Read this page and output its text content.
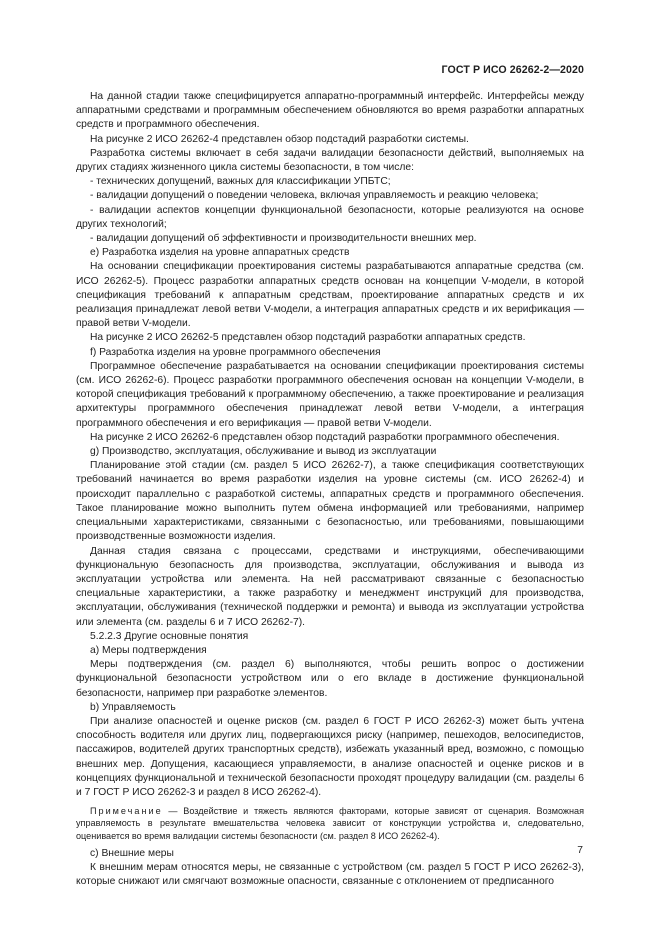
ГОСТ Р ИСО 26262-2—2020

На данной стадии также специфицируется аппаратно-программный интерфейс. Интерфейсы между аппаратными средствами и программным обеспечением обновляются во время разработки аппаратных средств и программного обеспечения.

На рисунке 2 ИСО 26262-4 представлен обзор подстадий разработки системы.

Разработка системы включает в себя задачи валидации безопасности действий, выполняемых на других стадиях жизненного цикла системы безопасности, в том числе:

- технических допущений, важных для классификации УПБТС;

- валидации допущений о поведении человека, включая управляемость и реакцию человека;

- валидации аспектов концепции функциональной безопасности, которые реализуются на основе других технологий;

- валидации допущений об эффективности и производительности внешних мер.

e) Разработка изделия на уровне аппаратных средств

На основании спецификации проектирования системы разрабатываются аппаратные средства (см. ИСО 26262-5). Процесс разработки аппаратных средств основан на концепции V-модели, в которой спецификация требований к аппаратным средствам, проектирование аппаратных средств и их реализация принадлежат левой ветви V-модели, а интеграция аппаратных средств и их верификация — правой ветви V-модели.

На рисунке 2 ИСО 26262-5 представлен обзор подстадий разработки аппаратных средств.

f) Разработка изделия на уровне программного обеспечения

Программное обеспечение разрабатывается на основании спецификации проектирования системы (см. ИСО 26262-6). Процесс разработки программного обеспечения основан на концепции V-модели, в которой спецификация требований к программному обеспечению, а также проектирование и реализация архитектуры программного обеспечения принадлежат левой ветви V-модели, а интеграция программного обеспечения и его верификация — правой ветви V-модели.

На рисунке 2 ИСО 26262-6 представлен обзор подстадий разработки программного обеспечения.

g) Производство, эксплуатация, обслуживание и вывод из эксплуатации

Планирование этой стадии (см. раздел 5 ИСО 26262-7), а также спецификация соответствующих требований начинается во время разработки изделия на уровне системы (см. ИСО 26262-4) и происходит параллельно с разработкой системы, аппаратных средств и программного обеспечения. Такое планирование можно выполнить путем обмена информацией или требованиями, например специальными характеристиками, связанными с безопасностью, или требованиями, повышающими производственные возможности изделия.

Данная стадия связана с процессами, средствами и инструкциями, обеспечивающими функциональную безопасность для производства, эксплуатации, обслуживания и вывода из эксплуатации устройства или элемента. На ней рассматривают связанные с безопасностью специальные характеристики, а также разработку и менеджмент инструкций для производства, эксплуатации, обслуживания (технической поддержки и ремонта) и вывода из эксплуатации устройства или элемента (см. разделы 6 и 7 ИСО 26262-7).

5.2.2.3 Другие основные понятия

a) Меры подтверждения

Меры подтверждения (см. раздел 6) выполняются, чтобы решить вопрос о достижении функциональной безопасности устройством или о его вкладе в достижение функциональной безопасности, например при разработке элементов.

b) Управляемость

При анализе опасностей и оценке рисков (см. раздел 6 ГОСТ Р ИСО 26262-3) может быть учтена способность водителя или других лиц, подвергающихся риску (например, пешеходов, велосипедистов, пассажиров, водителей других транспортных средств), избежать указанный вред, возможно, с помощью внешних мер. Допущения, касающиеся управляемости, в анализе опасностей и оценке рисков и в концепциях функциональной и технической безопасности проходят процедуру валидации (см. разделы 6 и 7 ГОСТ Р ИСО 26262-3 и раздел 8 ИСО 26262-4).

Примечание — Воздействие и тяжесть являются факторами, которые зависят от сценария. Возможная управляемость в результате вмешательства человека зависит от конструкции устройства и, следовательно, оценивается во время валидации системы безопасности (см. раздел 8 ИСО 26262-4).

c) Внешние меры

К внешним мерам относятся меры, не связанные с устройством (см. раздел 5 ГОСТ Р ИСО 26262-3), которые снижают или смягчают возможные опасности, связанные с отклонением от предписанного

7
